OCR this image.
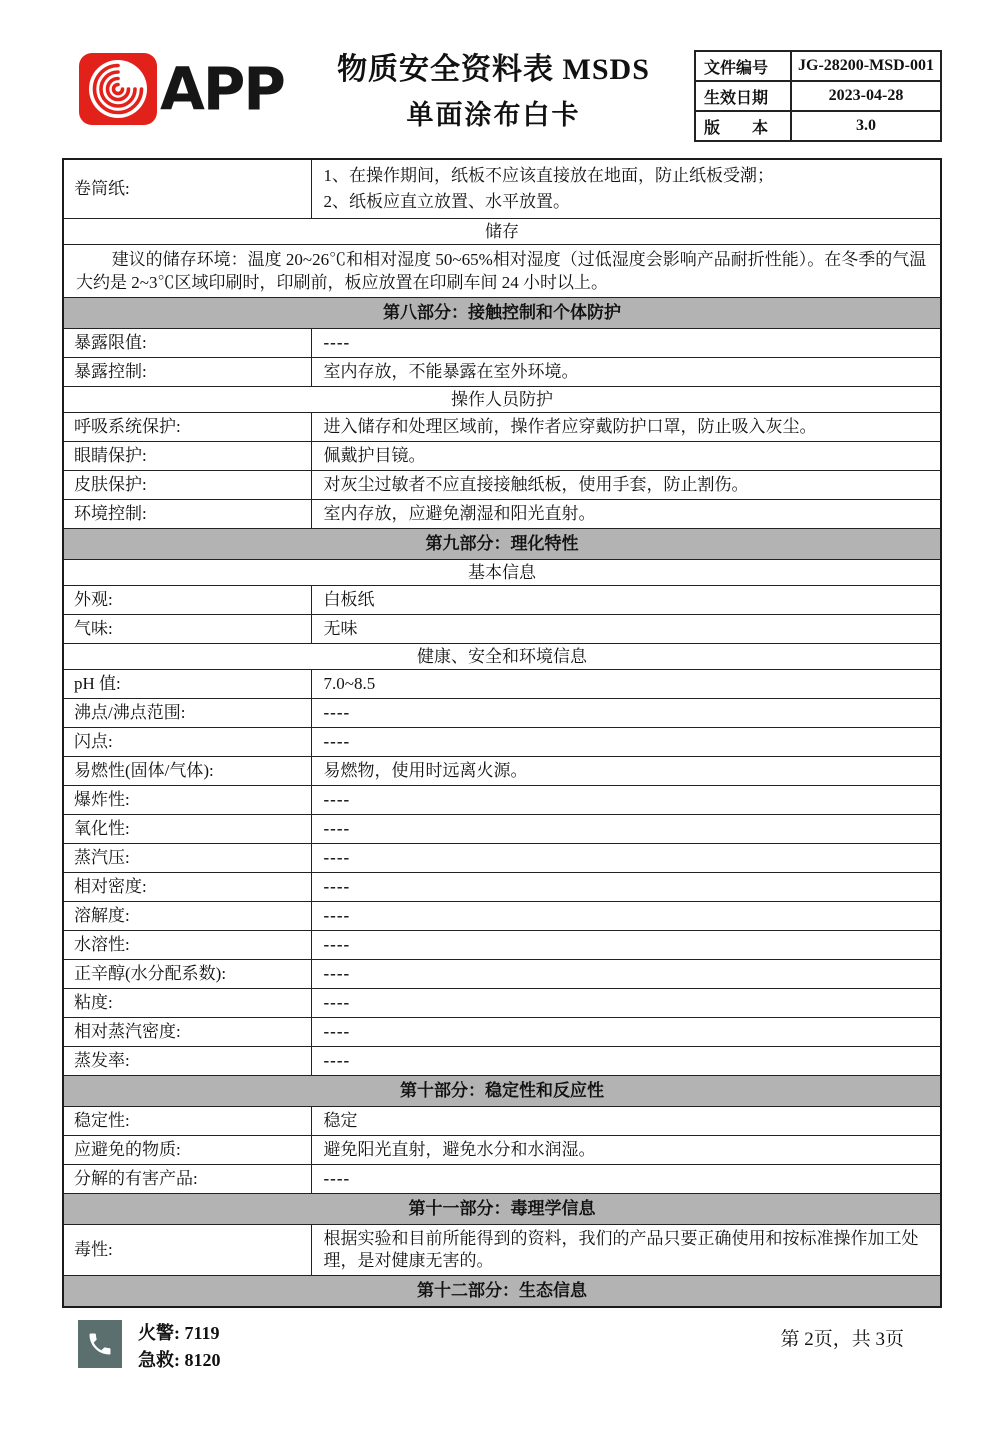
APP	物质安全资料表 MSDS
单面涂布白卡
文件编号	JG-28200-MSD-001
生效日期	2023-04-28
版　　本	3.0
卷筒纸:	1、在操作期间，纸板不应该直接放在地面，防止纸板受潮；
2、纸板应直立放置、水平放置。

储存	
建议的储存环境：温度 20~26℃和相对湿度 50~65%相对湿度（过低湿度会影响产品耐折性能）。在冬季的气温大约是 2~3℃区域印刷时，印刷前，板应放置在印刷车间 24 小时以上。	
第八部分：接触控制和个体防护	
暴露限值:	----
暴露控制:	室内存放，不能暴露在室外环境。
操作人员防护	
呼吸系统保护:	进入储存和处理区域前，操作者应穿戴防护口罩，防止吸入灰尘。
眼睛保护:	佩戴护目镜。
皮肤保护:	对灰尘过敏者不应直接接触纸板，使用手套，防止割伤。
环境控制:	室内存放，应避免潮湿和阳光直射。
第九部分：理化特性	
基本信息	
外观:	白板纸
气味:	无味
健康、安全和环境信息	
pH 值:	7.0~8.5
沸点/沸点范围:	----
闪点:	----
易燃性(固体/气体):	易燃物，使用时远离火源。
爆炸性:	----
氧化性:	----
蒸汽压:	----
相对密度:	----
溶解度:	----
水溶性:	----
正辛醇(水分配系数):	----
粘度:	----
相对蒸汽密度:	----
蒸发率:	----
第十部分：稳定性和反应性	
稳定性:	稳定
应避免的物质:	避免阳光直射，避免水分和水润湿。
分解的有害产品:	----
第十一部分：毒理学信息	
毒性:	根据实验和目前所能得到的资料，我们的产品只要正确使用和按标准操作加工处理，是对健康无害的。
第十二部分：生态信息	
火警: 7119
急救: 8120
第 2页，共 3页
